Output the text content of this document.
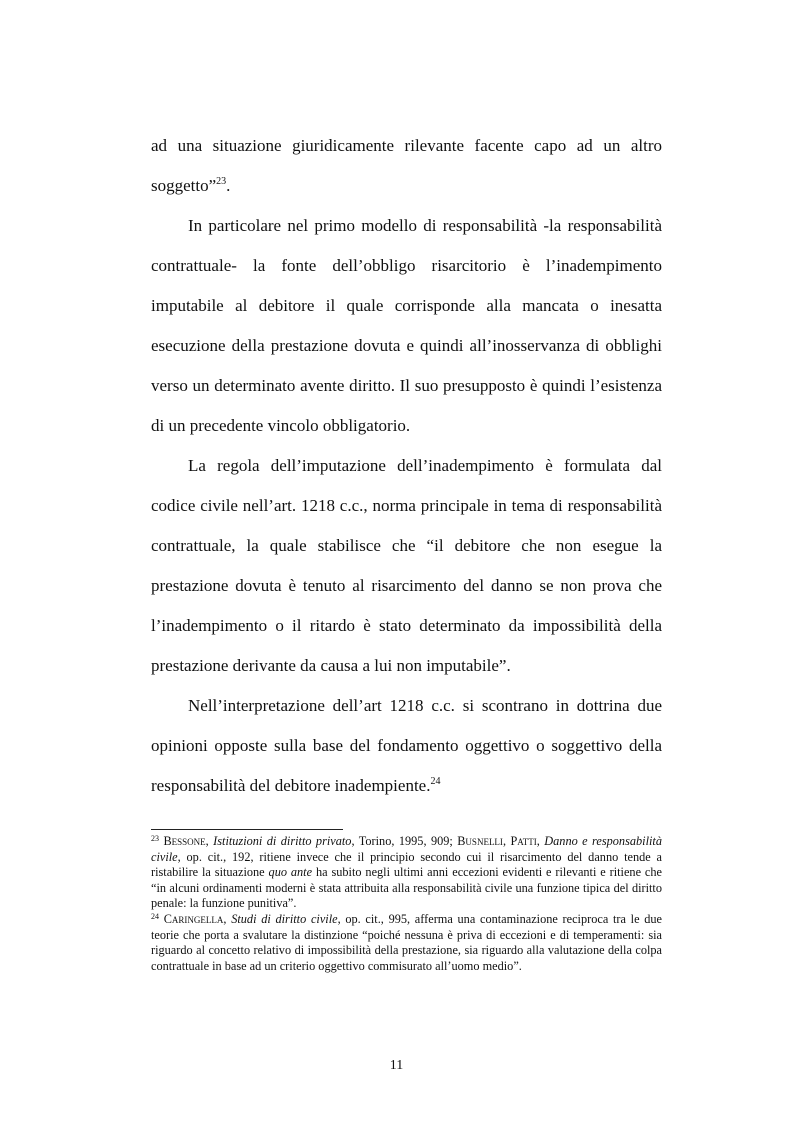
ad una situazione giuridicamente rilevante facente capo ad un altro soggetto”$^{23}$.

In particolare nel primo modello di responsabilità -la responsabilità contrattuale- la fonte dell’obbligo risarcitorio è l’inadempimento imputabile al debitore il quale corrisponde alla mancata o inesatta esecuzione della prestazione dovuta e quindi all’inosservanza di obblighi verso un determinato avente diritto. Il suo presupposto è quindi l’esistenza di un precedente vincolo obbligatorio.

La regola dell’imputazione dell’inadempimento è formulata dal codice civile nell’art. 1218 c.c., norma principale in tema di responsabilità contrattuale, la quale stabilisce che “il debitore che non esegue la prestazione dovuta è tenuto al risarcimento del danno se non prova che l’inadempimento o il ritardo è stato determinato da impossibilità della prestazione derivante da causa a lui non imputabile”.

Nell’interpretazione dell’art 1218 c.c. si scontrano in dottrina due opinioni opposte sulla base del fondamento oggettivo o soggettivo della responsabilità del debitore inadempiente.$^{24}$

$^{23}$ Bessone, Istituzioni di diritto privato, Torino, 1995, 909; Busnelli, Patti, Danno e responsabilità civile, op. cit., 192, ritiene invece che il principio secondo cui il risarcimento del danno tende a ristabilire la situazione quo ante ha subito negli ultimi anni eccezioni evidenti e rilevanti e ritiene che “in alcuni ordinamenti moderni è stata attribuita alla responsabilità civile una funzione tipica del diritto penale: la funzione punitiva”.

$^{24}$ Caringella, Studi di diritto civile, op. cit., 995, afferma una contaminazione reciproca tra le due teorie che porta a svalutare la distinzione “poiché nessuna è priva di eccezioni e di temperamenti: sia riguardo al concetto relativo di impossibilità della prestazione, sia riguardo alla valutazione della colpa contrattuale in base ad un criterio oggettivo commisurato all’uomo medio”.

11
